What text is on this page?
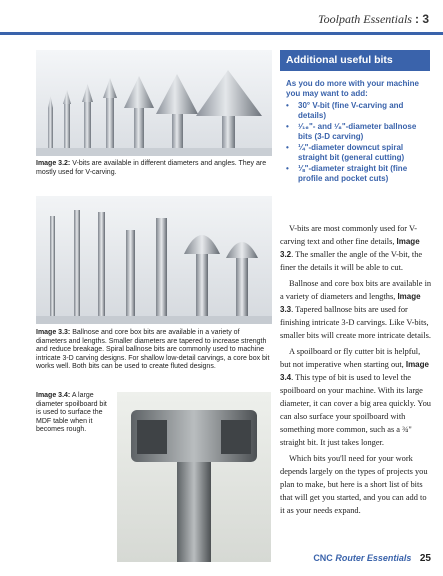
Toolpath Essentials : 3
Image 3.2: V-bits are available in different diameters and angles. They are mostly used for V-carving.
Image 3.3: Ballnose and core box bits are available in a variety of diameters and lengths. Smaller diameters are tapered to increase strength and reduce breakage. Spiral ballnose bits are commonly used to machine intricate 3-D carving designs. For shallow low-detail carvings, a core box bit works well. Both bits can be used to create fluted designs.
Image 3.4: A large diameter spoilboard bit is used to surface the MDF table when it becomes rough.
Additional useful bits
As you do more with your machine you may want to add:
• 30° V-bit (fine V-carving and details)
• ¹⁄₁₆"- and ¹⁄₈"-diameter ballnose bits (3-D carving)
• ¼"-diameter downcut spiral straight bit (general cutting)
• ⅛"-diameter straight bit (fine profile and pocket cuts)

V-bits are most commonly used for V-carving text and other fine details, Image 3.2. The smaller the angle of the V-bit, the finer the details it will be able to cut.

Ballnose and core box bits are available in a variety of diameters and lengths, Image 3.3. Tapered ballnose bits are used for finishing intricate 3-D carvings. Like V-bits, smaller bits will create more intricate details.

A spoilboard or fly cutter bit is helpful, but not imperative when starting out, Image 3.4. This type of bit is used to level the spoilboard on your machine. With its large diameter, it can cover a big area quickly. You can also surface your spoilboard with something more common, such as a ¾" straight bit. It just takes longer.

Which bits you'll need for your work depends largely on the types of projects you plan to make, but here is a short list of bits that will get you started, and you can add to it as your needs expand.

CNC Router Essentials 25
